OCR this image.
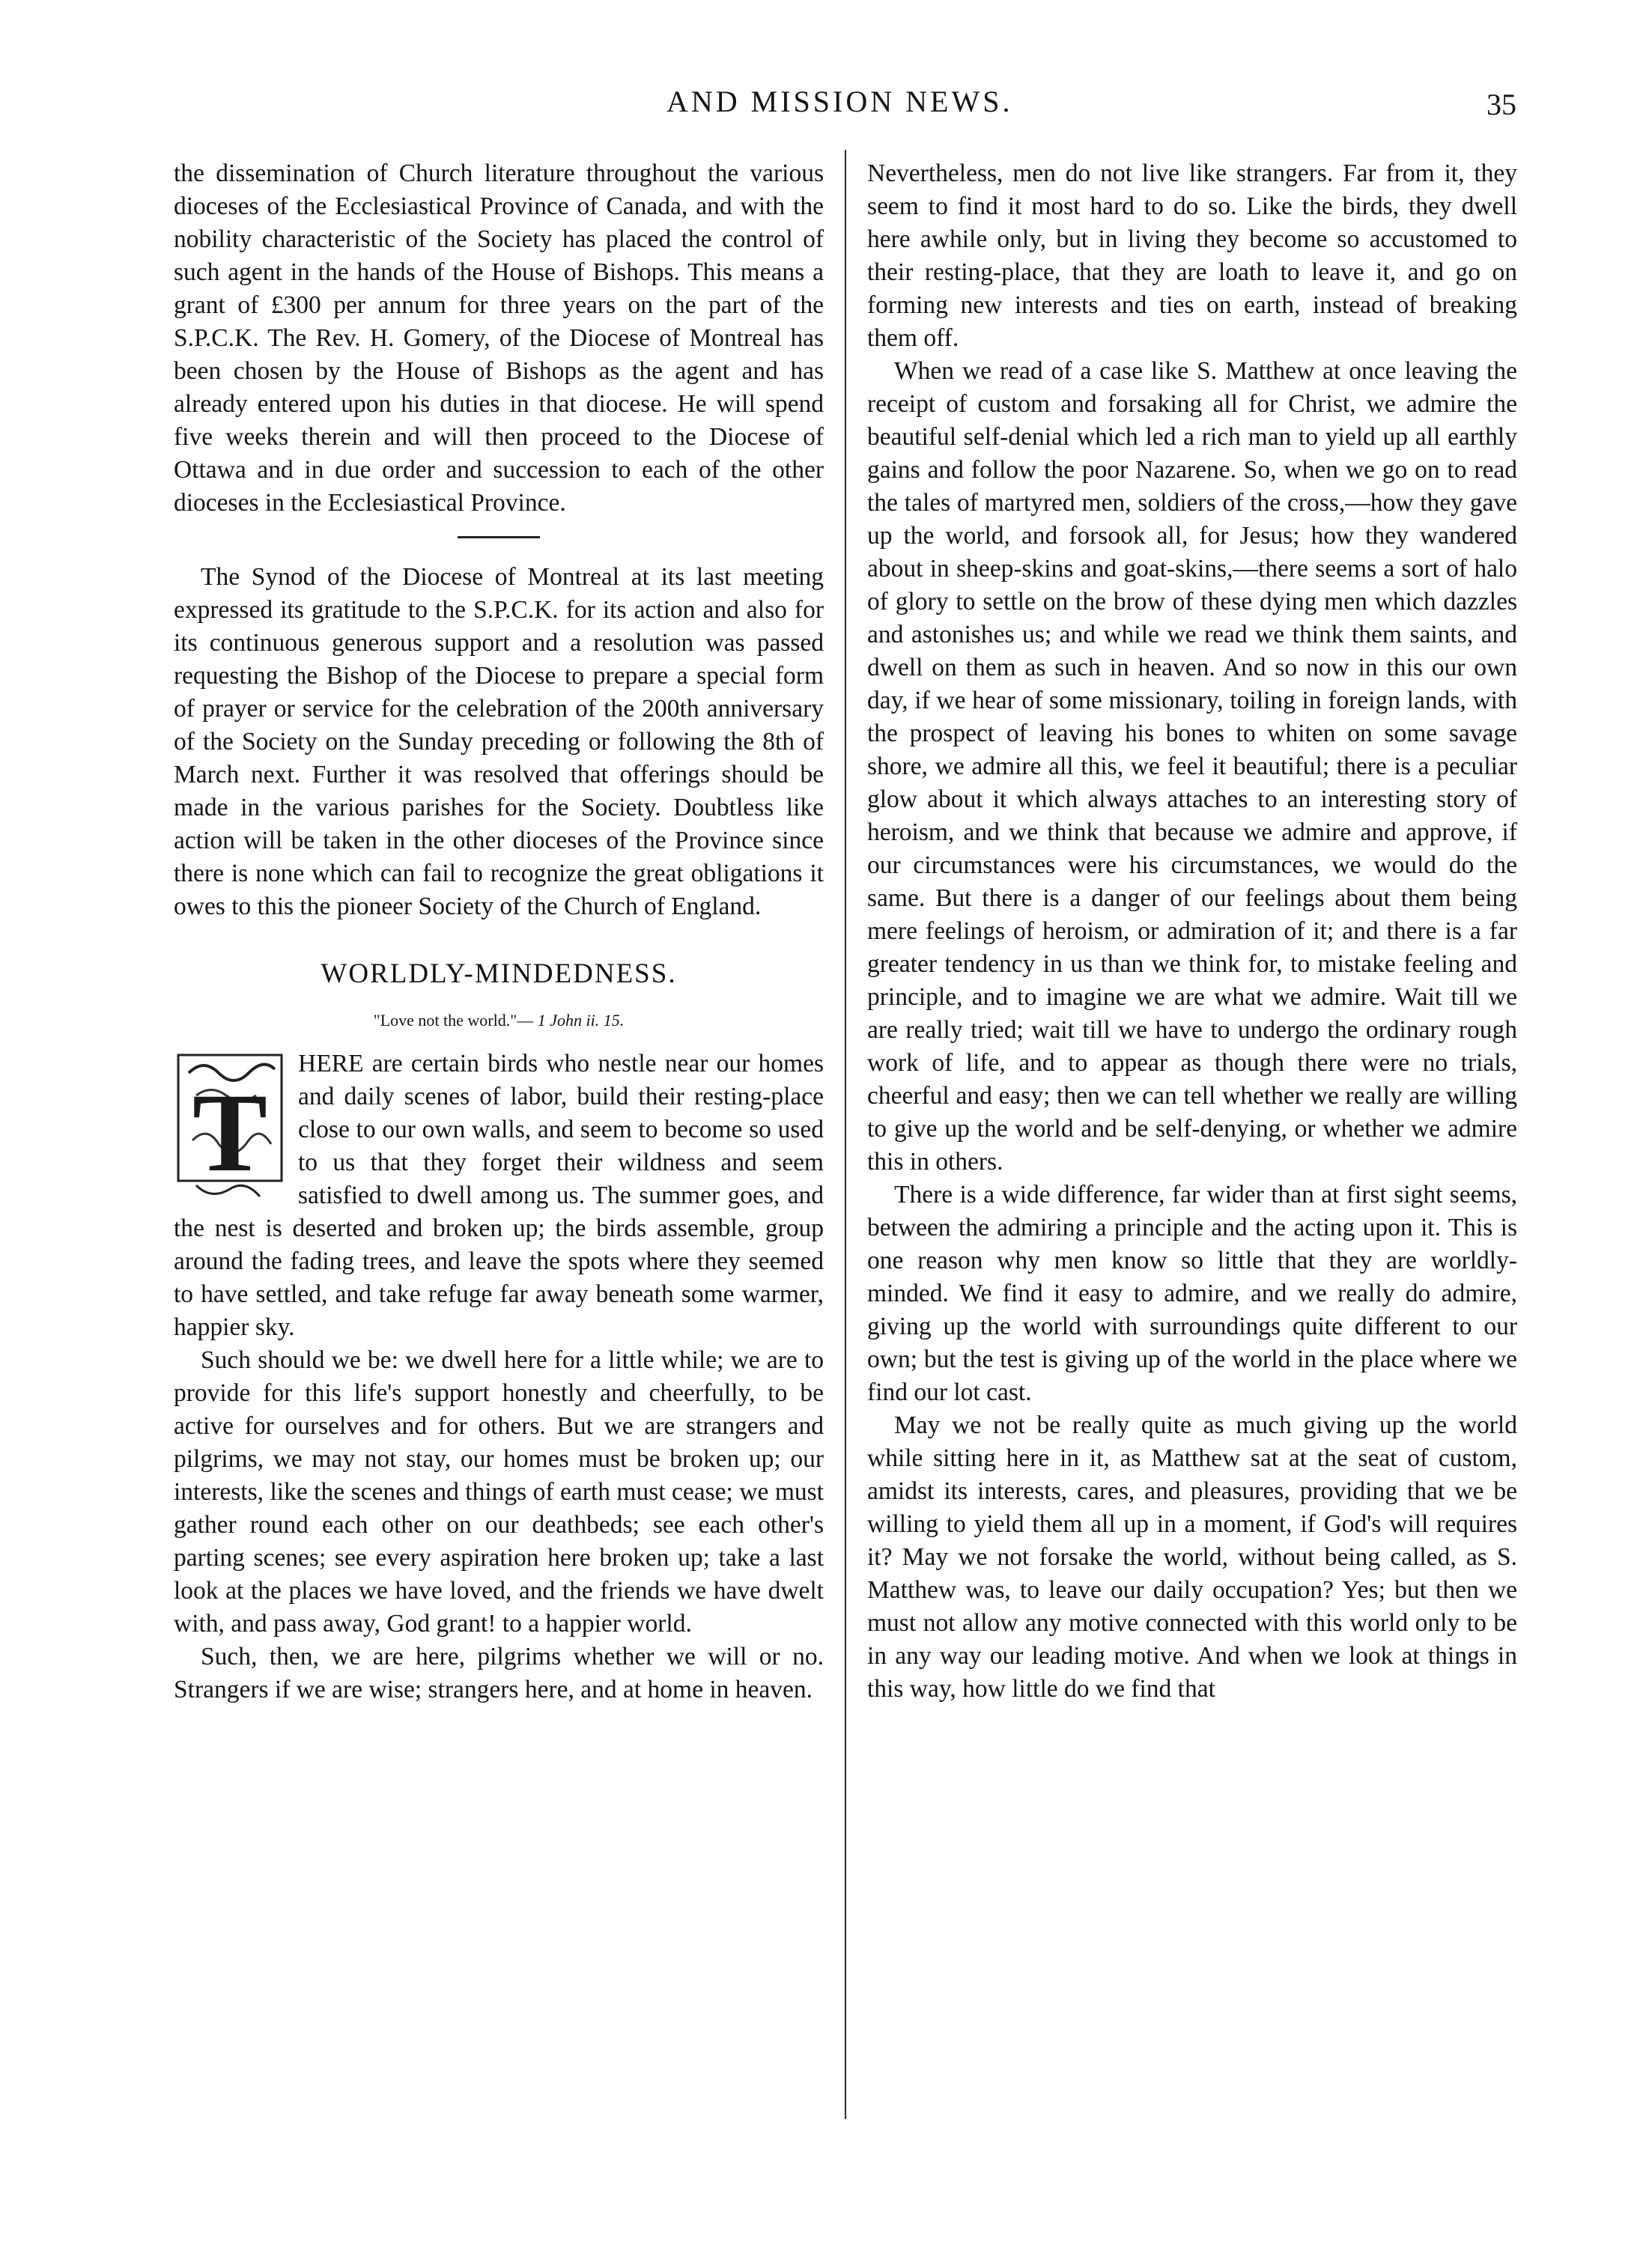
AND MISSION NEWS.	35

the dissemination of Church literature throughout the various dioceses of the Ecclesiastical Province of Canada, and with the nobility characteristic of the Society has placed the control of such agent in the hands of the House of Bishops. This means a grant of £300 per annum for three years on the part of the S.P.C.K. The Rev. H. Gomery, of the Diocese of Montreal has been chosen by the House of Bishops as the agent and has already entered upon his duties in that diocese. He will spend five weeks therein and will then proceed to the Diocese of Ottawa and in due order and succession to each of the other dioceses in the Ecclesiastical Province.

The Synod of the Diocese of Montreal at its last meeting expressed its gratitude to the S.P.C.K. for its action and also for its continuous generous support and a resolution was passed requesting the Bishop of the Diocese to prepare a special form of prayer or service for the celebration of the 200th anniversary of the Society on the Sunday preceding or following the 8th of March next. Further it was resolved that offerings should be made in the various parishes for the Society. Doubtless like action will be taken in the other dioceses of the Province since there is none which can fail to recognize the great obligations it owes to this the pioneer Society of the Church of England.

WORLDLY-MINDEDNESS.
"Love not the world."— 1 John ii. 15.
T

HERE are certain birds who nestle near our homes and daily scenes of labor, build their resting-place close to our own walls, and seem to become so used to us that they forget their wildness and seem satisfied to dwell among us. The summer goes, and the nest is deserted and broken up; the birds assemble, group around the fading trees, and leave the spots where they seemed to have settled, and take refuge far away beneath some warmer, happier sky.

Such should we be: we dwell here for a little while; we are to provide for this life's support honestly and cheerfully, to be active for ourselves and for others. But we are strangers and pilgrims, we may not stay, our homes must be broken up; our interests, like the scenes and things of earth must cease; we must gather round each other on our deathbeds; see each other's parting scenes; see every aspiration here broken up; take a last look at the places we have loved, and the friends we have dwelt with, and pass away, God grant! to a happier world.

Such, then, we are here, pilgrims whether we will or no. Strangers if we are wise; strangers here, and at home in heaven.

Nevertheless, men do not live like strangers. Far from it, they seem to find it most hard to do so. Like the birds, they dwell here awhile only, but in living they become so accustomed to their resting-place, that they are loath to leave it, and go on forming new interests and ties on earth, instead of breaking them off.

When we read of a case like S. Matthew at once leaving the receipt of custom and forsaking all for Christ, we admire the beautiful self-denial which led a rich man to yield up all earthly gains and follow the poor Nazarene. So, when we go on to read the tales of martyred men, soldiers of the cross,—how they gave up the world, and forsook all, for Jesus; how they wandered about in sheep-skins and goat-skins,—there seems a sort of halo of glory to settle on the brow of these dying men which dazzles and astonishes us; and while we read we think them saints, and dwell on them as such in heaven. And so now in this our own day, if we hear of some missionary, toiling in foreign lands, with the prospect of leaving his bones to whiten on some savage shore, we admire all this, we feel it beautiful; there is a peculiar glow about it which always attaches to an interesting story of heroism, and we think that because we admire and approve, if our circumstances were his circumstances, we would do the same. But there is a danger of our feelings about them being mere feelings of heroism, or admiration of it; and there is a far greater tendency in us than we think for, to mistake feeling and principle, and to imagine we are what we admire. Wait till we are really tried; wait till we have to undergo the ordinary rough work of life, and to appear as though there were no trials, cheerful and easy; then we can tell whether we really are willing to give up the world and be self-denying, or whether we admire this in others.

There is a wide difference, far wider than at first sight seems, between the admiring a principle and the acting upon it. This is one reason why men know so little that they are worldly-minded. We find it easy to admire, and we really do admire, giving up the world with surroundings quite different to our own; but the test is giving up of the world in the place where we find our lot cast.

May we not be really quite as much giving up the world while sitting here in it, as Matthew sat at the seat of custom, amidst its interests, cares, and pleasures, providing that we be willing to yield them all up in a moment, if God's will requires it? May we not forsake the world, without being called, as S. Matthew was, to leave our daily occupation? Yes; but then we must not allow any motive connected with this world only to be in any way our leading motive. And when we look at things in this way, how little do we find that
